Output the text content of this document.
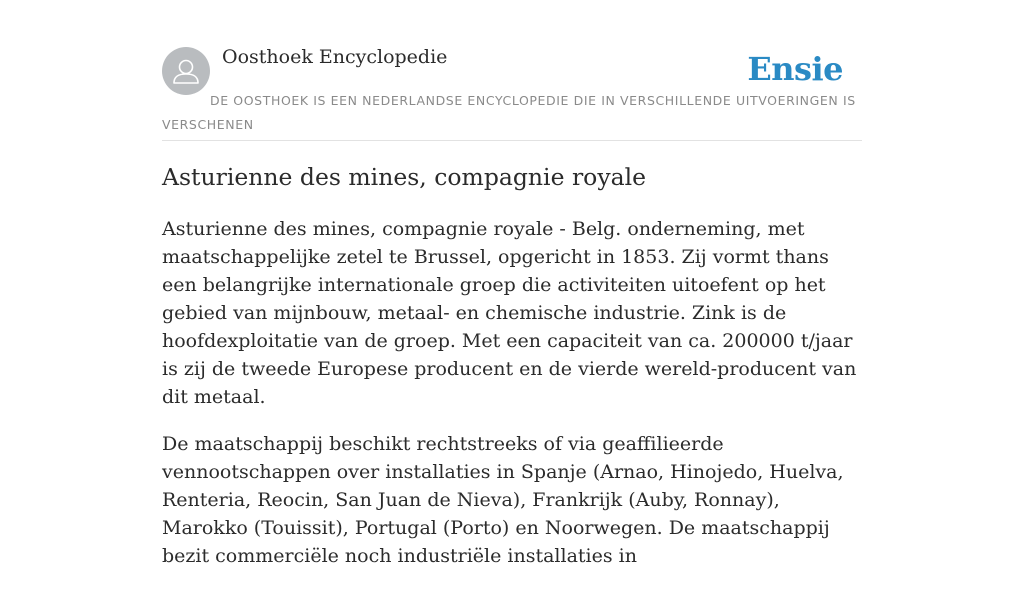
Oosthoek Encyclopedie	Ensie
DE OOSTHOEK IS EEN NEDERLANDSE ENCYCLOPEDIE DIE IN VERSCHILLENDE UITVOERINGEN IS VERSCHENEN
Asturienne des mines, compagnie royale

Asturienne des mines, compagnie royale - Belg. onderneming, met maatschappelijke zetel te Brussel, opgericht in 1853. Zij vormt thans een belangrijke internationale groep die activiteiten uitoefent op het gebied van mijnbouw, metaal- en chemische industrie. Zink is de hoofdexploitatie van de groep. Met een capaciteit van ca. 200000 t/jaar is zij de tweede Europese producent en de vierde wereld-producent van dit metaal.

De maatschappij beschikt rechtstreeks of via geaffilieerde vennootschappen over installaties in Spanje (Arnao, Hinojedo, Huelva, Renteria, Reocin, San Juan de Nieva), Frankrijk (Auby, Ronnay), Marokko (Touissit), Portugal (Porto) en Noorwegen. De maatschappij bezit commerciële noch industriële installaties in
